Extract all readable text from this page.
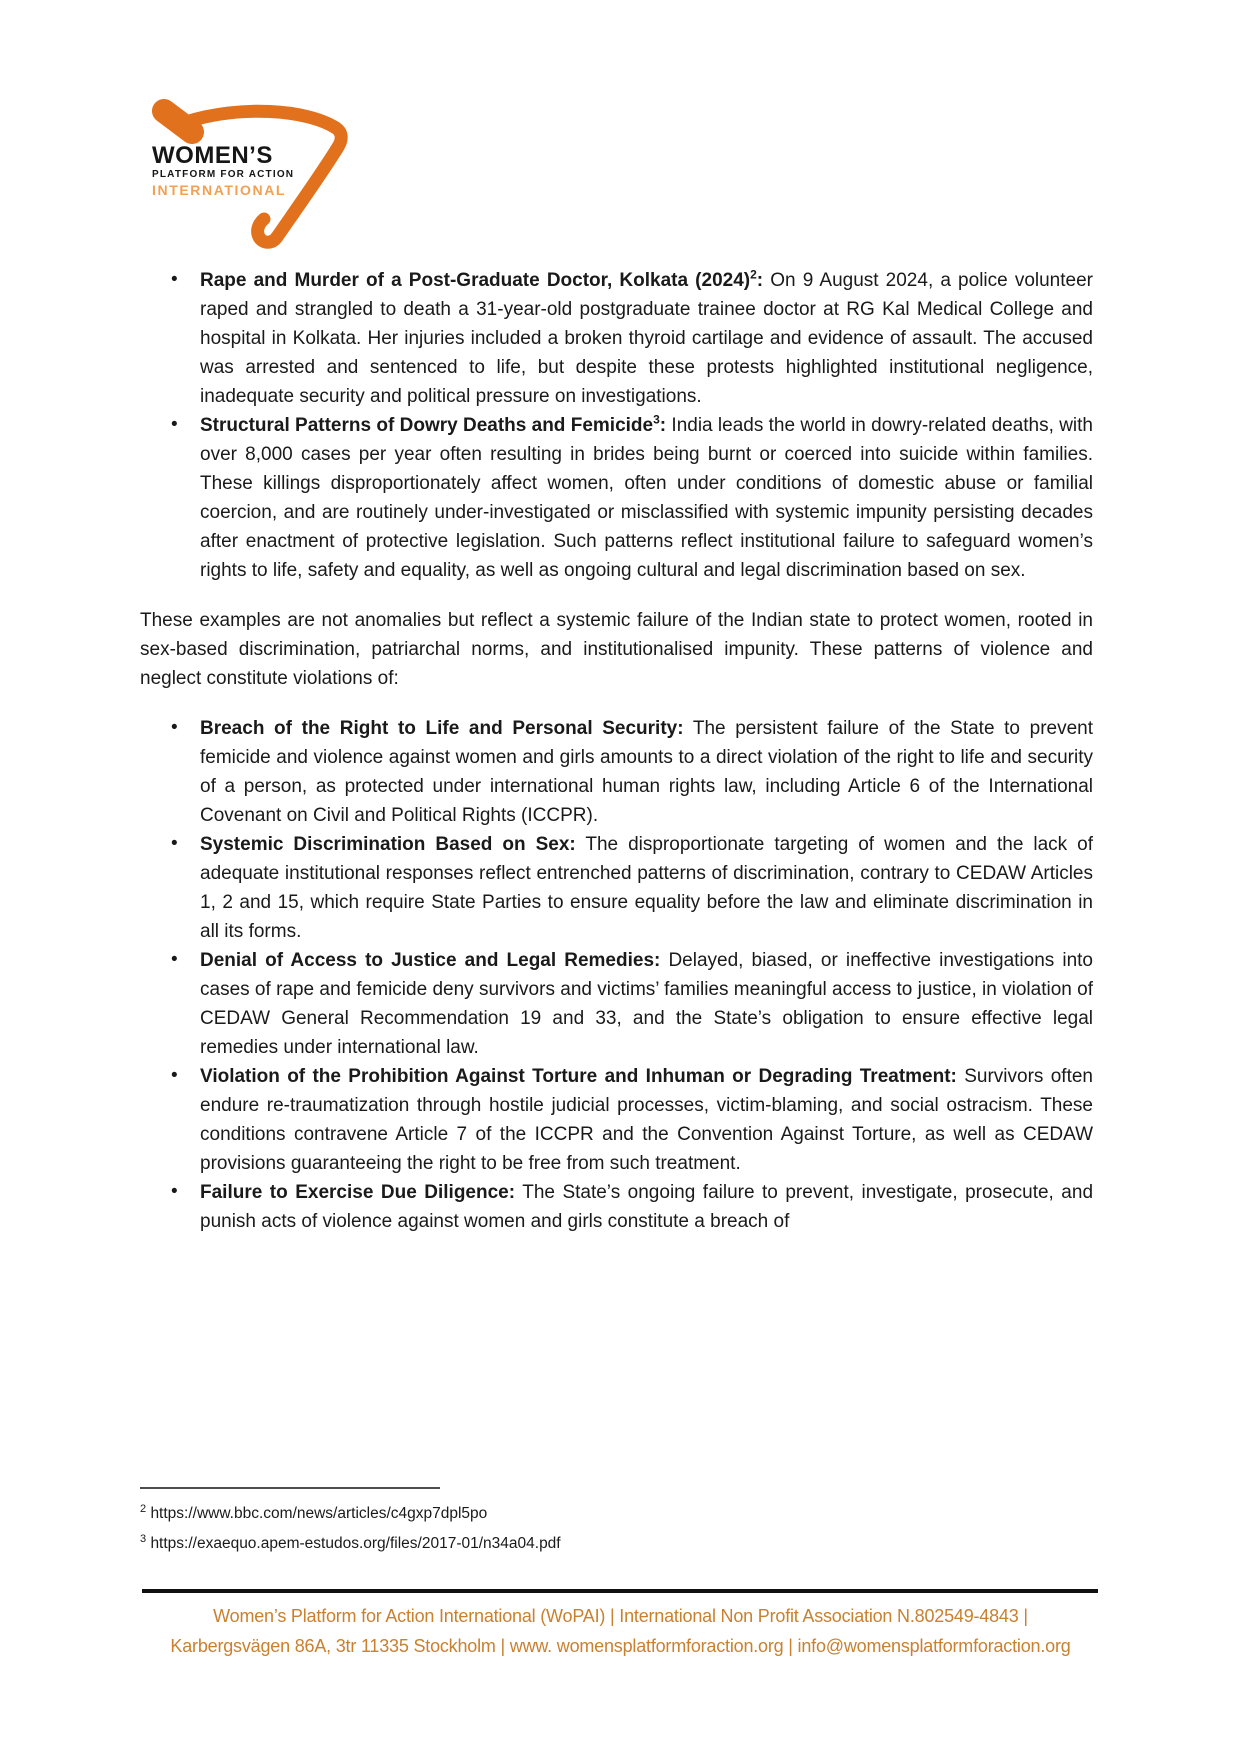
WOMEN’S
PLATFORM FOR ACTION
INTERNATIONAL
• Rape and Murder of a Post-Graduate Doctor, Kolkata (2024)$^2$: On 9 August 2024, a police volunteer raped and strangled to death a 31-year-old postgraduate trainee doctor at RG Kal Medical College and hospital in Kolkata. Her injuries included a broken thyroid cartilage and evidence of assault. The accused was arrested and sentenced to life, but despite these protests highlighted institutional negligence, inadequate security and political pressure on investigations.
• Structural Patterns of Dowry Deaths and Femicide$^3$: India leads the world in dowry-related deaths, with over 8,000 cases per year often resulting in brides being burnt or coerced into suicide within families. These killings disproportionately affect women, often under conditions of domestic abuse or familial coercion, and are routinely under-investigated or misclassified with systemic impunity persisting decades after enactment of protective legislation. Such patterns reflect institutional failure to safeguard women’s rights to life, safety and equality, as well as ongoing cultural and legal discrimination based on sex.
These examples are not anomalies but reflect a systemic failure of the Indian state to protect women, rooted in sex-based discrimination, patriarchal norms, and institutionalised impunity. These patterns of violence and neglect constitute violations of:
• Breach of the Right to Life and Personal Security: The persistent failure of the State to prevent femicide and violence against women and girls amounts to a direct violation of the right to life and security of a person, as protected under international human rights law, including Article 6 of the International Covenant on Civil and Political Rights (ICCPR).
• Systemic Discrimination Based on Sex: The disproportionate targeting of women and the lack of adequate institutional responses reflect entrenched patterns of discrimination, contrary to CEDAW Articles 1, 2 and 15, which require State Parties to ensure equality before the law and eliminate discrimination in all its forms.
• Denial of Access to Justice and Legal Remedies: Delayed, biased, or ineffective investigations into cases of rape and femicide deny survivors and victims’ families meaningful access to justice, in violation of CEDAW General Recommendation 19 and 33, and the State’s obligation to ensure effective legal remedies under international law.
• Violation of the Prohibition Against Torture and Inhuman or Degrading Treatment: Survivors often endure re-traumatization through hostile judicial processes, victim-blaming, and social ostracism. These conditions contravene Article 7 of the ICCPR and the Convention Against Torture, as well as CEDAW provisions guaranteeing the right to be free from such treatment.
• Failure to Exercise Due Diligence: The State’s ongoing failure to prevent, investigate, prosecute, and punish acts of violence against women and girls constitute a breach of
$^2$ https://www.bbc.com/news/articles/c4gxp7dpl5po
$^3$ https://exaequo.apem-estudos.org/files/2017-01/n34a04.pdf
Women’s Platform for Action International (WoPAI) | International Non Profit Association N.802549-4843 |
Karbergsvägen 86A, 3tr 11335 Stockholm | www. womensplatformforaction.org | info@womensplatformforaction.org
